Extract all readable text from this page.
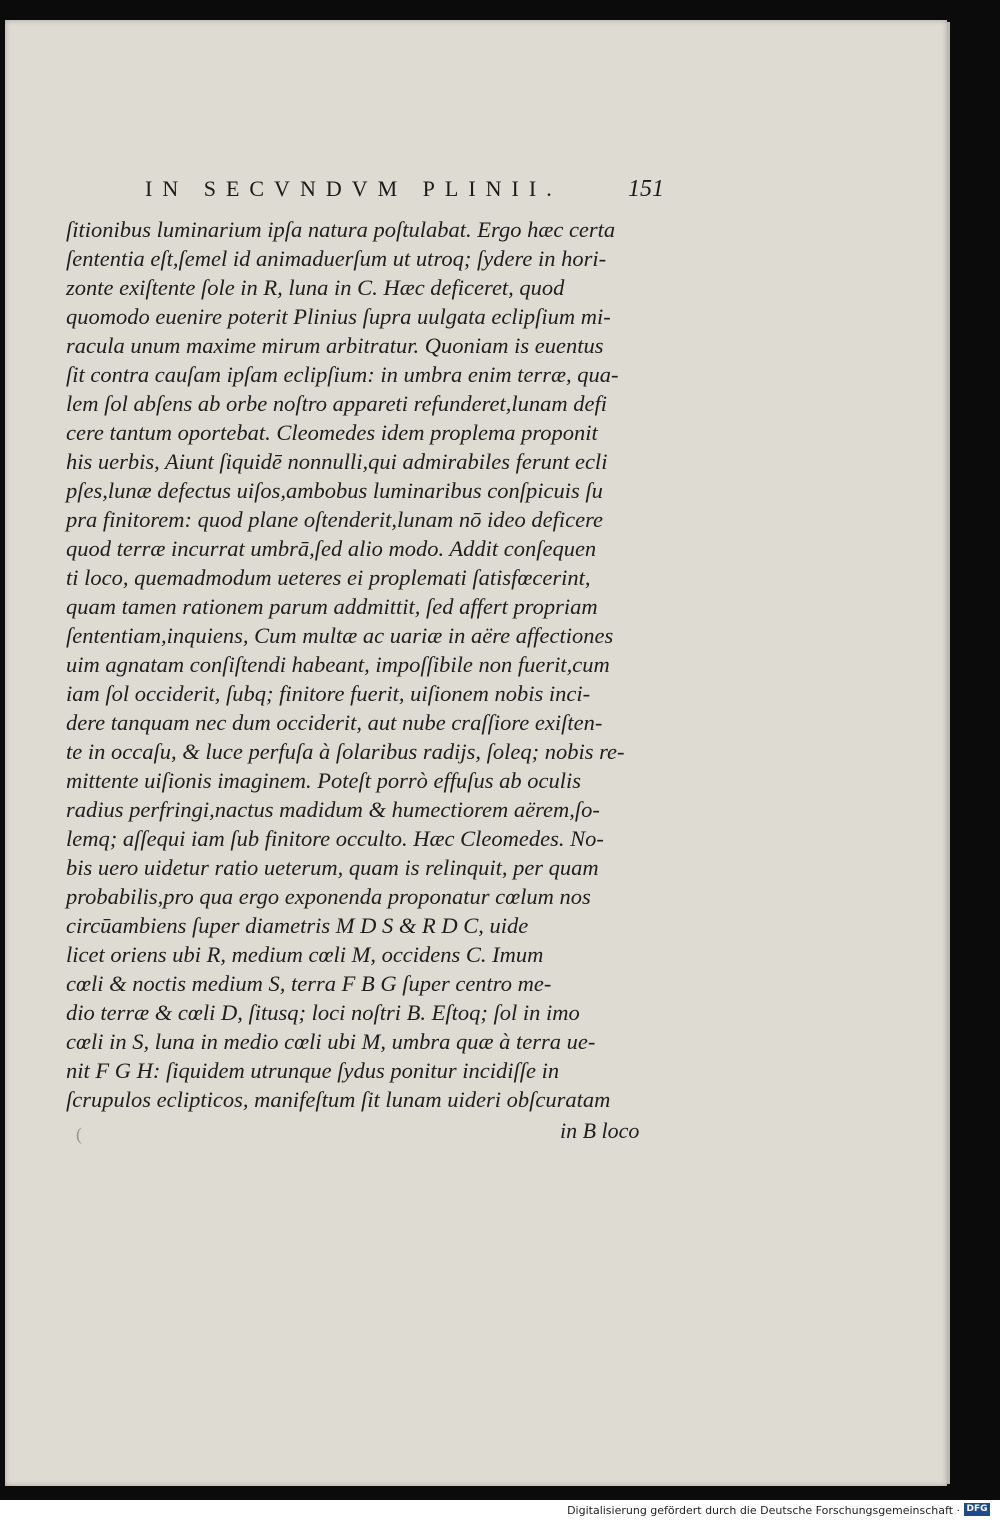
IN SECVNDVM PLINII.	151
ſitionibus luminarium ipſa natura poſtulabat. Ergo hæc certa
ſententia eſt,ſemel id animaduerſum ut utroq; ſydere in hori-
zonte exiſtente ſole in R, luna in C. Hæc deficeret, quod
quomodo euenire poterit Plinius ſupra uulgata eclipſium mi-
racula unum maxime mirum arbitratur. Quoniam is euentus
ſit contra cauſam ipſam eclipſium: in umbra enim terræ, qua-
lem ſol abſens ab orbe noſtro appareti refunderet,lunam defi
cere tantum oportebat. Cleomedes idem proplema proponit
his uerbis, Aiunt ſiquidē nonnulli,qui admirabiles ferunt ecli
pſes,lunæ defectus uiſos,ambobus luminaribus conſpicuis ſu
pra finitorem: quod plane oſtenderit,lunam nō ideo deficere
quod terræ incurrat umbrā,ſed alio modo. Addit conſequen
ti loco, quemadmodum ueteres ei proplemati ſatisfœcerint,
quam tamen rationem parum addmittit, ſed affert propriam
ſententiam,inquiens, Cum multæ ac uariæ in aëre affectiones
uim agnatam conſiſtendi habeant, impoſſibile non fuerit,cum
iam ſol occiderit, ſubq; finitore fuerit, uiſionem nobis inci-
dere tanquam nec dum occiderit, aut nube craſſiore exiſten-
te in occaſu, & luce perfuſa à ſolaribus radijs, ſoleq; nobis re-
mittente uiſionis imaginem. Poteſt porrò effuſus ab oculis
radius perfringi,nactus madidum & humectiorem aërem,ſo-
lemq; aſſequi iam ſub finitore occulto. Hæc Cleomedes. No-
bis uero uidetur ratio ueterum, quam is relinquit, per quam
probabilis,pro qua ergo exponenda proponatur cœlum nos
circūambiens ſuper diametris M D S & R D C, uide
licet oriens ubi R, medium cœli M, occidens C. Imum
cœli & noctis medium S, terra F B G ſuper centro me-
dio terræ & cœli D, ſitusq; loci noſtri B. Eſtoq; ſol in imo
cœli in S, luna in medio cœli ubi M, umbra quæ à terra ue-
nit F G H: ſiquidem utrunque ſydus ponitur incidiſſe in
ſcrupulos eclipticos, manifeſtum ſit lunam uideri obſcuratam
(	in B loco
Digitalisierung gefördert durch die Deutsche Forschungsgemeinschaft · DFG
